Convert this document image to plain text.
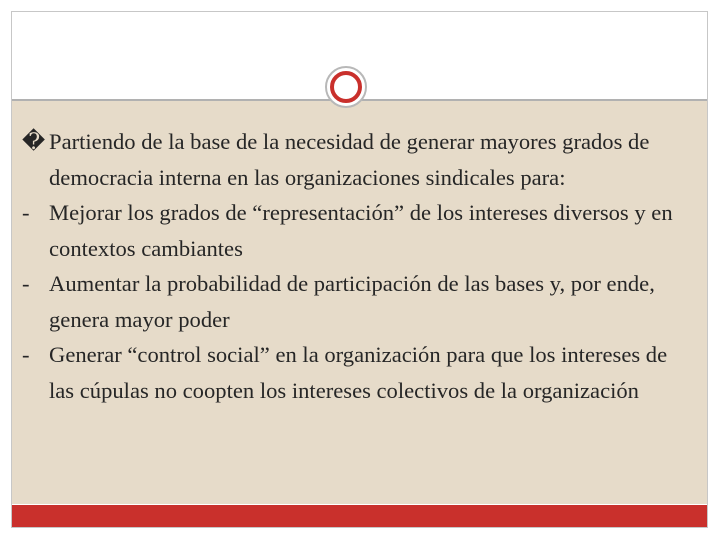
� Partiendo de la base de la necesidad de generar mayores grados de democracia interna en las organizaciones sindicales para:

- Mejorar los grados de “representación” de los intereses diversos y en contextos cambiantes

- Aumentar la probabilidad de participación de las bases y, por ende, genera mayor poder

- Generar “control social” en la organización para que los intereses de las cúpulas no coopten los intereses colectivos de la organización
